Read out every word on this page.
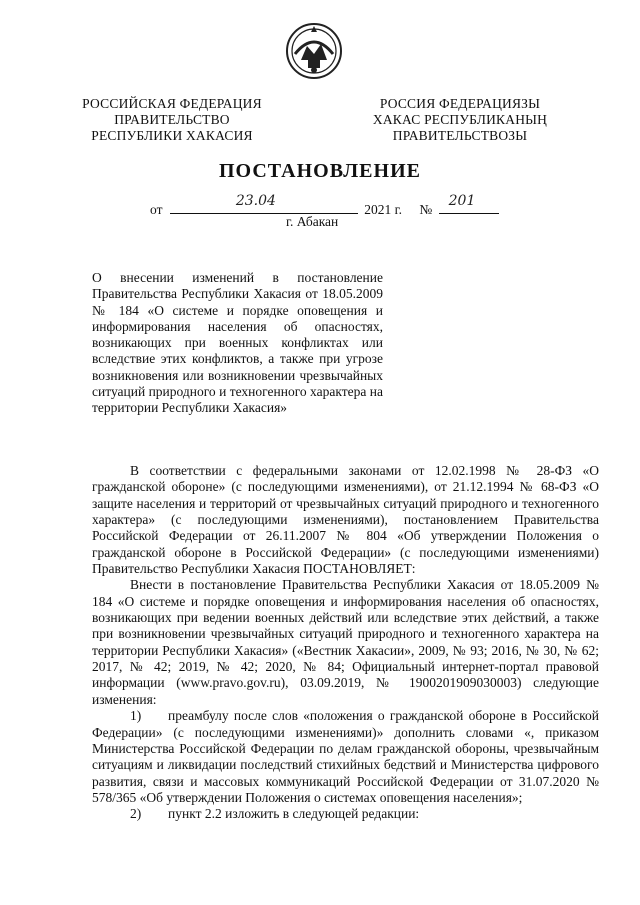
РОССИЙСКАЯ ФЕДЕРАЦИЯ
ПРАВИТЕЛЬСТВО
РЕСПУБЛИКИ ХАКАСИЯ
РОССИЯ ФЕДЕРАЦИЯЗЫ
ХАКАС РЕСПУБЛИКАНЫҢ
ПРАВИТЕЛЬСТВОЗЫ
ПОСТАНОВЛЕНИЕ
от
23.04
2021 г. №
201
г. Абакан
О внесении изменений в постановление Правительства Республики Хакасия от 18.05.2009 № 184 «О системе и порядке оповещения и информирования населения об опасностях, возникающих при военных конфликтах или вследствие этих конфликтов, а также при угрозе возникновения или возникновении чрезвычайных ситуаций природного и техногенного характера на территории Республики Хакасия»

В соответствии с федеральными законами от 12.02.1998 № 28-ФЗ «О гражданской обороне» (с последующими изменениями), от 21.12.1994 № 68-ФЗ «О защите населения и территорий от чрезвычайных ситуаций природного и техногенного характера» (с последующими изменениями), постановлением Правительства Российской Федерации от 26.11.2007 № 804 «Об утверждении Положения о гражданской обороне в Российской Федерации» (с последующими изменениями) Правительство Республики Хакасия ПОСТАНОВЛЯЕТ:

Внести в постановление Правительства Республики Хакасия от 18.05.2009 № 184 «О системе и порядке оповещения и информирования населения об опасностях, возникающих при ведении военных действий или вследствие этих действий, а также при возникновении чрезвычайных ситуаций природного и техногенного характера на территории Республики Хакасия» («Вестник Хакасии», 2009, № 93; 2016, № 30, № 62; 2017, № 42; 2019, № 42; 2020, № 84; Официальный интернет-портал правовой информации (www.pravo.gov.ru), 03.09.2019, № 1900201909030003) следующие изменения:

1) преамбулу после слов «положения о гражданской обороне в Российской Федерации» (с последующими изменениями)» дополнить словами «, приказом Министерства Российской Федерации по делам гражданской обороны, чрезвычайным ситуациям и ликвидации последствий стихийных бедствий и Министерства цифрового развития, связи и массовых коммуникаций Российской Федерации от 31.07.2020 № 578/365 «Об утверждении Положения о системах оповещения населения»;
2) пункт 2.2 изложить в следующей редакции:
